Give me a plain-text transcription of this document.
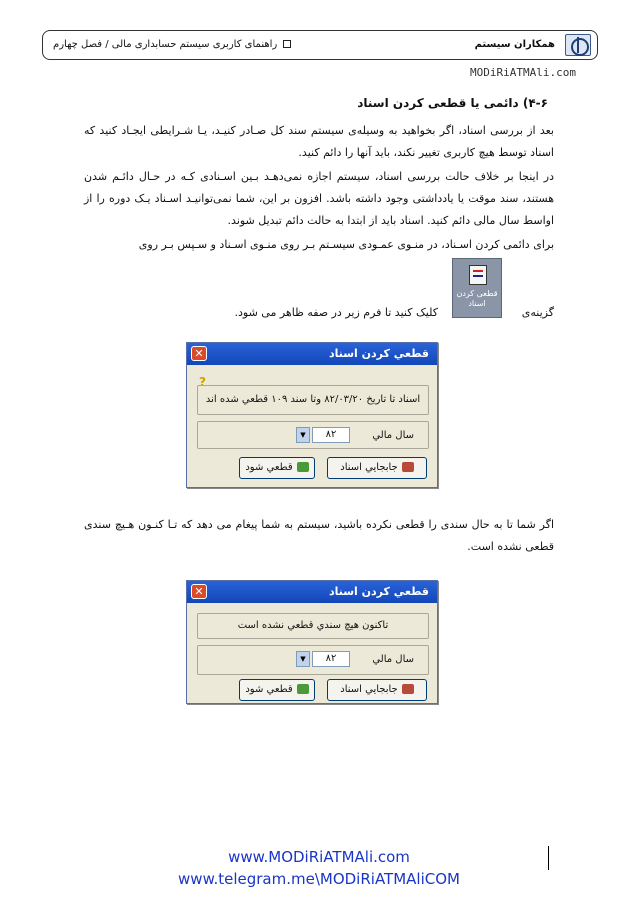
همکاران سیستم
راهنمای کاربری سیستم حسابداری مالی / فصل چهارم
MODiRiATMAli.com
۴-۶) دائمی یا قطعی کردن اسناد
بعد از بررسی اسناد، اگر بخواهید به وسیله‌ی سیستم سند کل صـادر کنیـد، یـا شـرایطی ایجـاد کنید که اسناد توسط هیچ کاربری تغییر نکند، باید آنها را دائم کنید.
در اینجا بر خلاف حالت بررسی اسناد، سیستم اجازه نمی‌دهـد بـین اسـنادی کـه در حـال دائـم شدن هستند، سند موقت یا یادداشتی وجود داشته باشد. افزون بر این، شما نمی‌توانیـد اسـناد یـک دوره را از اواسط سال مالی دائم کنید. اسناد باید از ابتدا به حالت دائم تبدیل شوند.
برای دائمی کردن اسـناد، در منـوی عمـودی سیسـتم بـر روی منـوی اسـناد و سـپس بـر روی
گزینه‌ی
کلیک کنید تا فرم زیر در صفه ظاهر می شود.
قطعی کردن اسناد
قطعي كردن اسناد
✕
?
اسناد تا تاريخ ۸۲/۰۳/۲۰ وتا سند ۱۰۹ قطعي شده اند
سال مالي
۸۲
▼
جابجايي اسناد
قطعي شود
اگر شما تا به حال سندی را قطعی نکرده باشید، سیستم به شما پیغام می دهد که تـا کنـون هـیچ سندی قطعی نشده است.
قطعي كردن اسناد
✕
تاكنون هيچ سندي قطعي نشده است
سال مالي
۸۲
▼
جابجايي اسناد
قطعي شود
www.MODiRiATMAli.com
www.telegram.me\MODiRiATMAliCOM
